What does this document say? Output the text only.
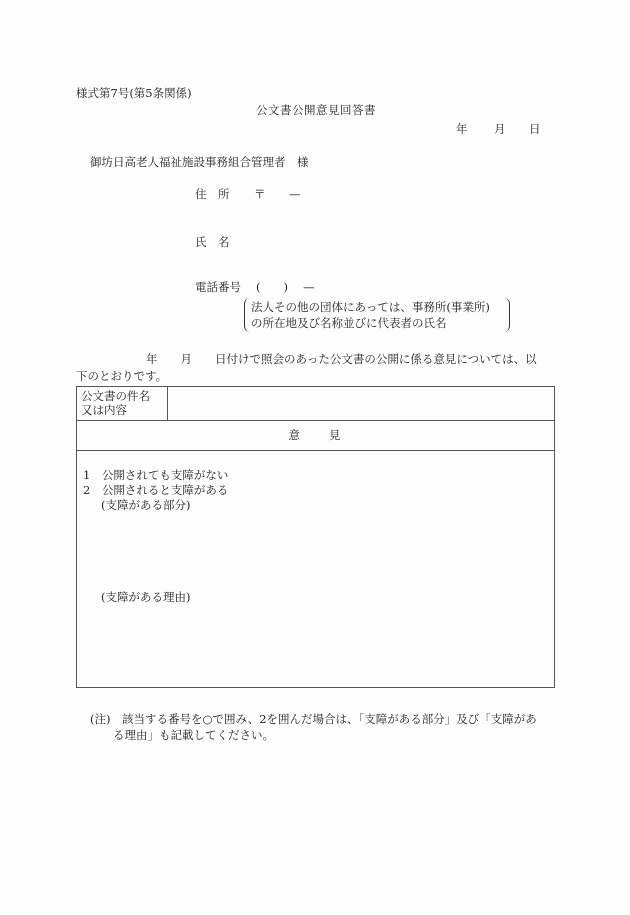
様式第7号(第5条関係)
公文書公開意見回答書
年 月 日
御坊日高老人福祉施設事務組合管理者　様
住　所 〒 —
氏　名
電話番号 (　　)　 —
法人その他の団体にあっては、事務所(事業所)
の所在地及び名称並びに代表者の氏名
年　　月　　日付けで照会のあった公文書の公開に係る意見については、以
下のとおりです。
公文書の件名
又は内容

意　　見

1　公開されても支障がない
2　公開されると支障がある
(支障がある部分)
(支障がある理由)
(注)　該当する番号を○で囲み、2を囲んだ場合は、「支障がある部分」及び「支障があ
る理由」も記載してください。
